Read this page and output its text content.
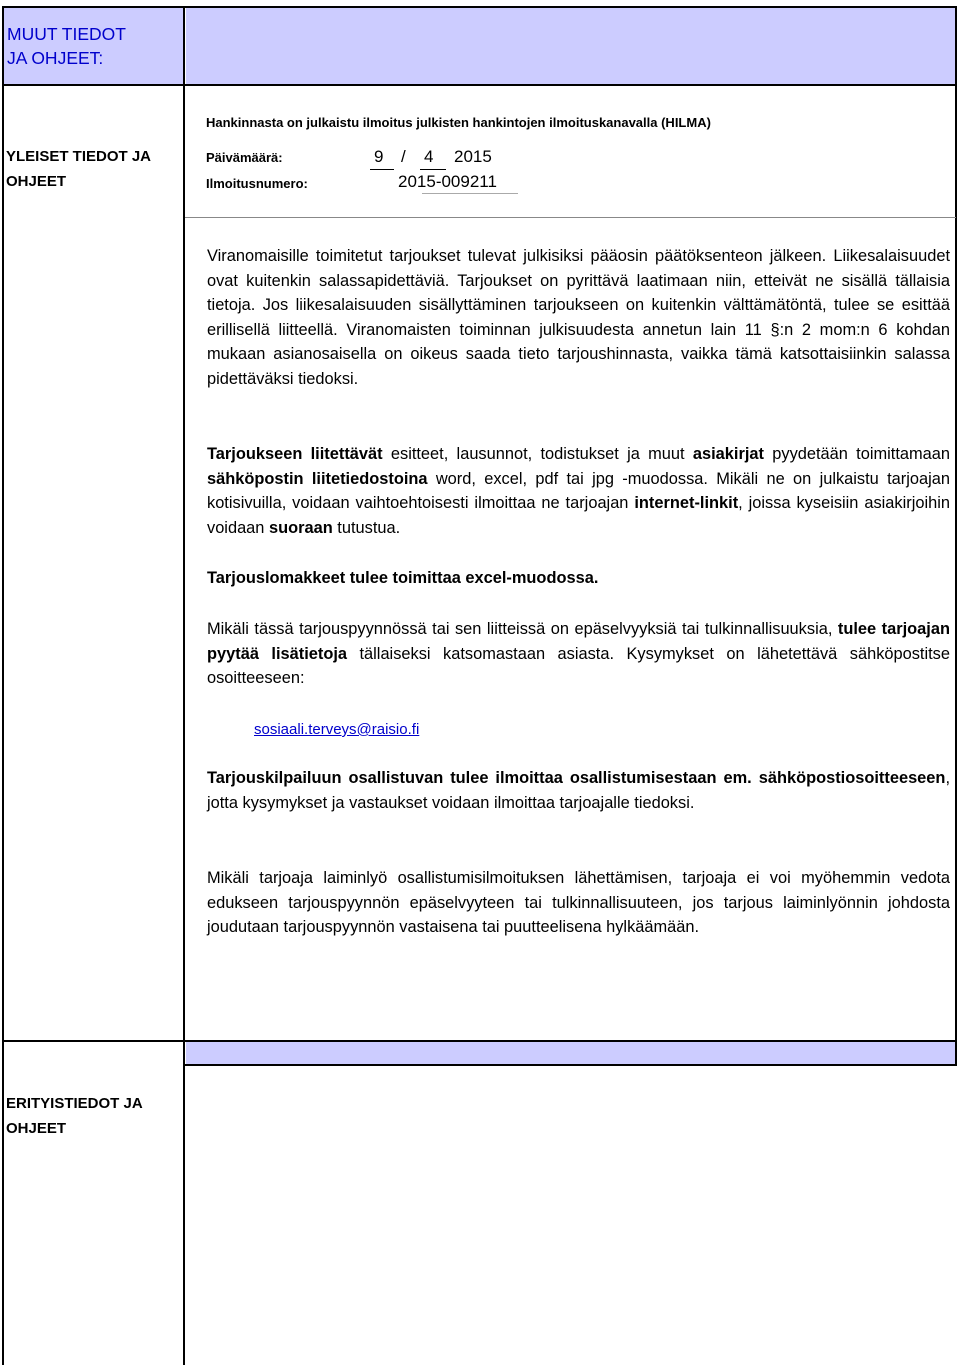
MUUT TIEDOT
JA OHJEET:
YLEISET TIEDOT JA
OHJEET
Hankinnasta on julkaistu ilmoitus julkisten hankintojen ilmoituskanavalla (HILMA)
Päivämäärä:	9 / 4 2015
Ilmoitusnumero:	2015-009211

Viranomaisille toimitetut tarjoukset tulevat julkisiksi pääosin päätöksenteon jälkeen. Liikesalaisuudet ovat kuitenkin salassapidettäviä. Tarjoukset on pyrittävä laatimaan niin, etteivät ne sisällä tällaisia tietoja. Jos liikesalaisuuden sisällyttäminen tarjoukseen on kuitenkin välttämätöntä, tulee se esittää erillisellä liitteellä. Viranomaisten toiminnan julkisuudesta annetun lain 11 §:n 2 mom:n 6 kohdan mukaan asianosaisella on oikeus saada tieto tarjoushinnasta, vaikka tämä katsottaisiinkin salassa pidettäväksi tiedoksi.

Tarjoukseen liitettävät esitteet, lausunnot, todistukset ja muut asiakirjat pyydetään toimittamaan sähköpostin liitetiedostoina word, excel, pdf tai jpg -muodossa. Mikäli ne on julkaistu tarjoajan kotisivuilla, voidaan vaihtoehtoisesti ilmoittaa ne tarjoajan internet-linkit, joissa kyseisiin asiakirjoihin voidaan suoraan tutustua.

Tarjouslomakkeet tulee toimittaa excel-muodossa.

Mikäli tässä tarjouspyynnössä tai sen liitteissä on epäselvyyksiä tai tulkinnallisuuksia, tulee tarjoajan pyytää lisätietoja tällaiseksi katsomastaan asiasta. Kysymykset on lähetettävä sähköpostitse osoitteeseen:

sosiaali.terveys@raisio.fi

Tarjouskilpailuun osallistuvan tulee ilmoittaa osallistumisestaan em. sähköpostiosoitteeseen, jotta kysymykset ja vastaukset voidaan ilmoittaa tarjoajalle tiedoksi.

Mikäli tarjoaja laiminlyö osallistumisilmoituksen lähettämisen, tarjoaja ei voi myöhemmin vedota edukseen tarjouspyynnön epäselvyyteen tai tulkinnallisuuteen, jos tarjous laiminlyönnin johdosta joudutaan tarjouspyynnön vastaisena tai puutteelisena hylkäämään.

ERITYISTIEDOT JA
OHJEET
